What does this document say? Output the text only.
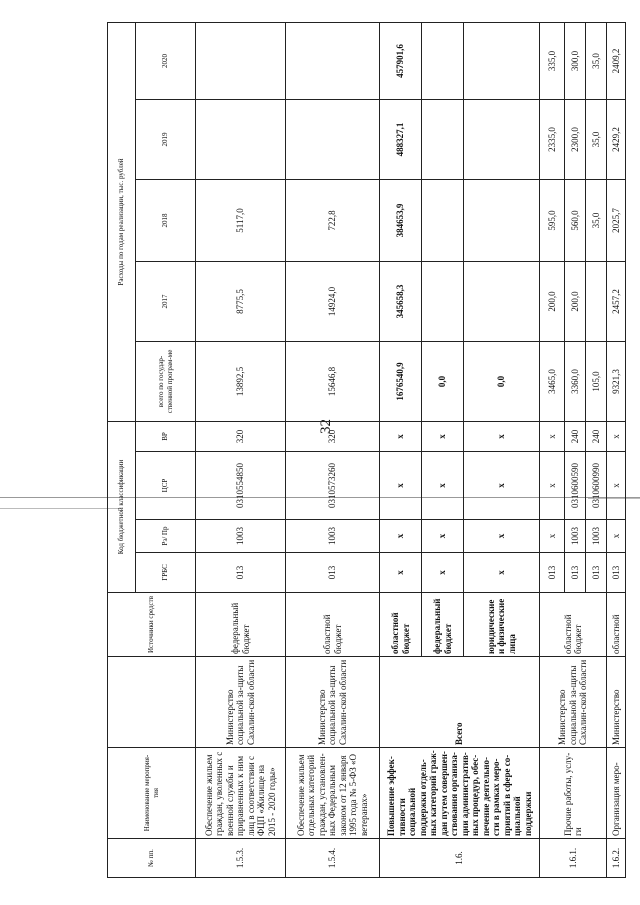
32
№ пп.	Наименование мероприя-тия		Источники средств	Код бюджетной классификации				Расходы по годам реализации, тыс. рублей				
				ГРБС	Рз/ Пр	ЦСР	ВР	всего по государ-ственной програм-ме	2017	2018	2019	2020
1.5.3.	Обеспечение жильем граждан, уволенных с военной службы и приравненных к ним лиц в соответствии с ФЦП «Жилище на 2015 - 2020 годы»	Министерство социальной за-щиты Сахалин-ской области	федеральный бюджет	013	1003	0310554850	320	13892,5	8775,5	5117,0		
1.5.4.	Обеспечение жильем отдельных категорий граждан, установлен-ных Федеральным законом от 12 января 1995 года № 5-ФЗ «О ветеранах»	Министерство социальной за-щиты Сахалин-ской области	областной бюджет	013	1003	0310573260	320	15646,8	14924,0	722,8		
1.6.	Повышение эффек-тивности социальной поддержки отдель-ных категорий граж-дан путем совершен-ствования организа-ции административ-ных процедур, обес-печение деятельно-сти в рамках меро-приятий в сфере со-циальной поддержки	Всего	областной бюджет	x	x	x	x	1676540,9	345658,3	384653,9	488327,1	457901,6
			федеральный бюджет	x	x	x	x	0,0				
			юридические и физические лица	x	x	x	x	0,0				
1.6.1.	Прочие работы, услу-ги	Министерство социальной за-щиты Сахалин-ской области	областной бюджет	013	x	x	x	3465,0	200,0	595,0	2335,0	335,0
				013	1003	0310600590	240	3360,0	200,0	560,0	2300,0	300,0
				013	1003	0310600990	240	105,0		35,0	35,0	35,0
1.6.2.	Организация меро-	Министерство	областной	013	x	x	x	9321,3	2457,2	2025,7	2429,2	2409,2
